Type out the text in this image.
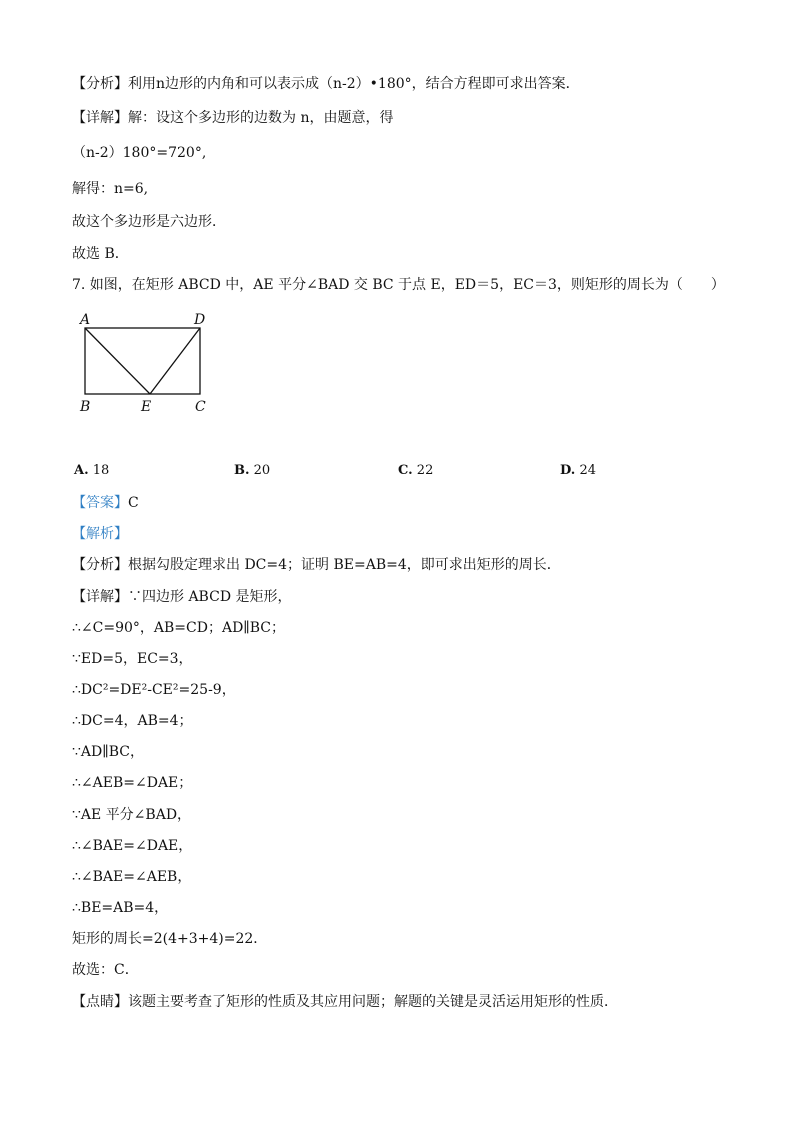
【分析】利用n边形的内角和可以表示成（n-2）•180°，结合方程即可求出答案．
【详解】解：设这个多边形的边数为 n，由题意，得
（n-2）180°=720°,
解得：n=6,
故这个多边形是六边形．
故选 B．
7. 如图，在矩形 ABCD 中，AE 平分∠BAD 交 BC 于点 E，ED＝5，EC＝3，则矩形的周长为（　　）
A	D
B	E	C
A. 18	B. 20	C. 22	D. 24
【答案】C
【解析】
【分析】根据勾股定理求出 DC=4；证明 BE=AB=4，即可求出矩形的周长．
【详解】∵四边形 ABCD 是矩形，
∴∠C=90°，AB=CD；AD∥BC；
∵ED=5，EC=3，
∴DC²=DE²-CE²=25-9，
∴DC=4，AB=4；
∵AD∥BC，
∴∠AEB=∠DAE；
∵AE 平分∠BAD，
∴∠BAE=∠DAE，
∴∠BAE=∠AEB，
∴BE=AB=4，
矩形的周长=2(4+3+4)=22．
故选：C．
【点睛】该题主要考查了矩形的性质及其应用问题；解题的关键是灵活运用矩形的性质．
